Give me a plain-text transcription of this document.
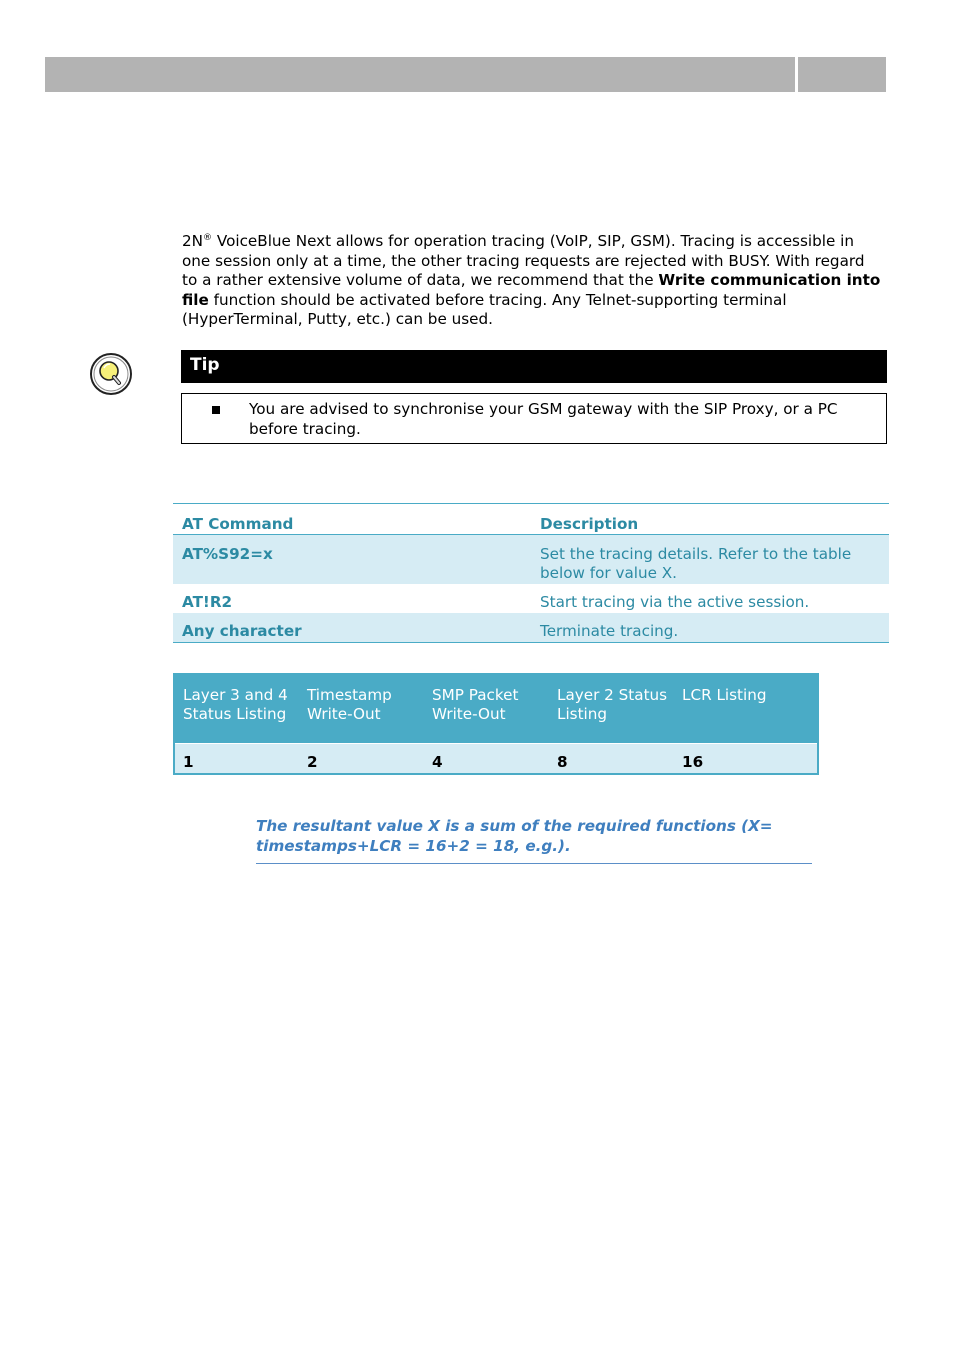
2N® VoiceBlue Next allows for operation tracing (VoIP, SIP, GSM). Tracing is accessible in one session only at a time, the other tracing requests are rejected with BUSY. With regard to a rather extensive volume of data, we recommend that the Write communication into file function should be activated before tracing. Any Telnet-supporting terminal (HyperTerminal, Putty, etc.) can be used.

Tip
You are advised to synchronise your GSM gateway with the SIP Proxy, or a PC before tracing.
AT Command	Description
AT%S92=x	Set the tracing details. Refer to the table below for value X.
AT!R2	Start tracing via the active session.
Any character	Terminate tracing.
Layer 3 and 4 Status Listing	Timestamp Write-Out	SMP Packet Write-Out	Layer 2 Status Listing	LCR Listing
1	2	4	8	16
The resultant value X is a sum of the required functions (X= timestamps+LCR = 16+2 = 18, e.g.).
